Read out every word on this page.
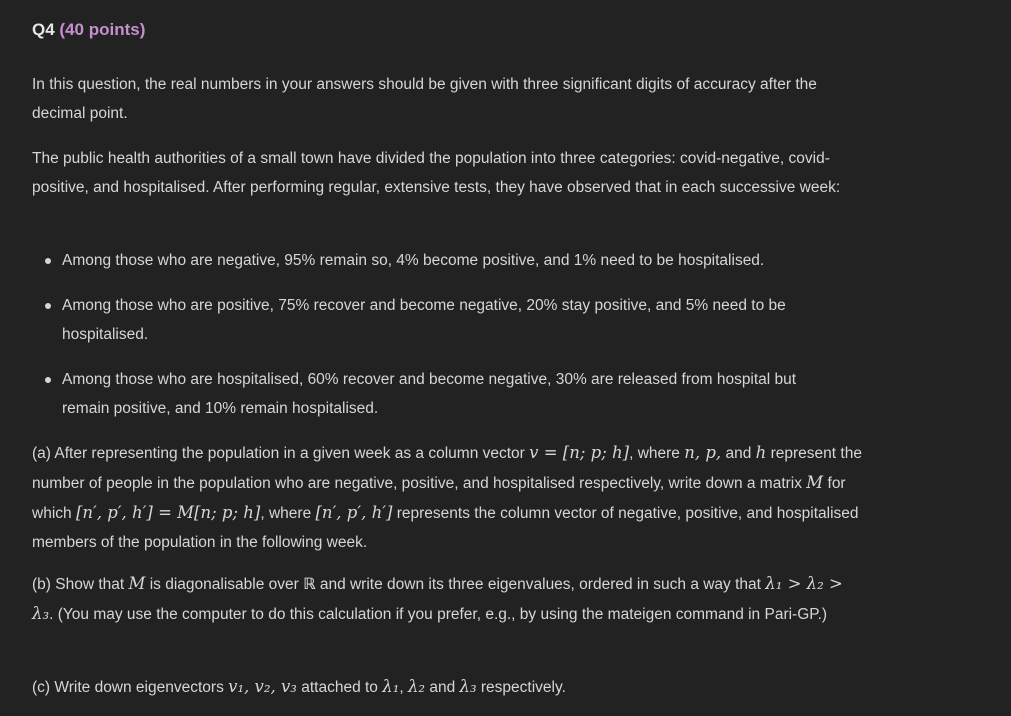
Q4 (40 points)

In this question, the real numbers in your answers should be given with three significant digits of accuracy after the decimal point.

The public health authorities of a small town have divided the population into three categories: covid-negative, covid-positive, and hospitalised. After performing regular, extensive tests, they have observed that in each successive week:

Among those who are negative, 95% remain so, 4% become positive, and 1% need to be hospitalised.

Among those who are positive, 75% recover and become negative, 20% stay positive, and 5% need to be hospitalised.

Among those who are hospitalised, 60% recover and become negative, 30% are released from hospital but remain positive, and 10% remain hospitalised.

(a) After representing the population in a given week as a column vector v = [n; p; h], where n, p, and h represent the number of people in the population who are negative, positive, and hospitalised respectively, write down a matrix M for which [n′, p′, h′] = M[n; p; h], where [n′, p′, h′] represents the column vector of negative, positive, and hospitalised members of the population in the following week.

(b) Show that M is diagonalisable over ℝ and write down its three eigenvalues, ordered in such a way that λ₁ > λ₂ > λ₃. (You may use the computer to do this calculation if you prefer, e.g., by using the mateigen command in Pari-GP.)

(c) Write down eigenvectors v₁, v₂, v₃ attached to λ₁, λ₂ and λ₃ respectively.
